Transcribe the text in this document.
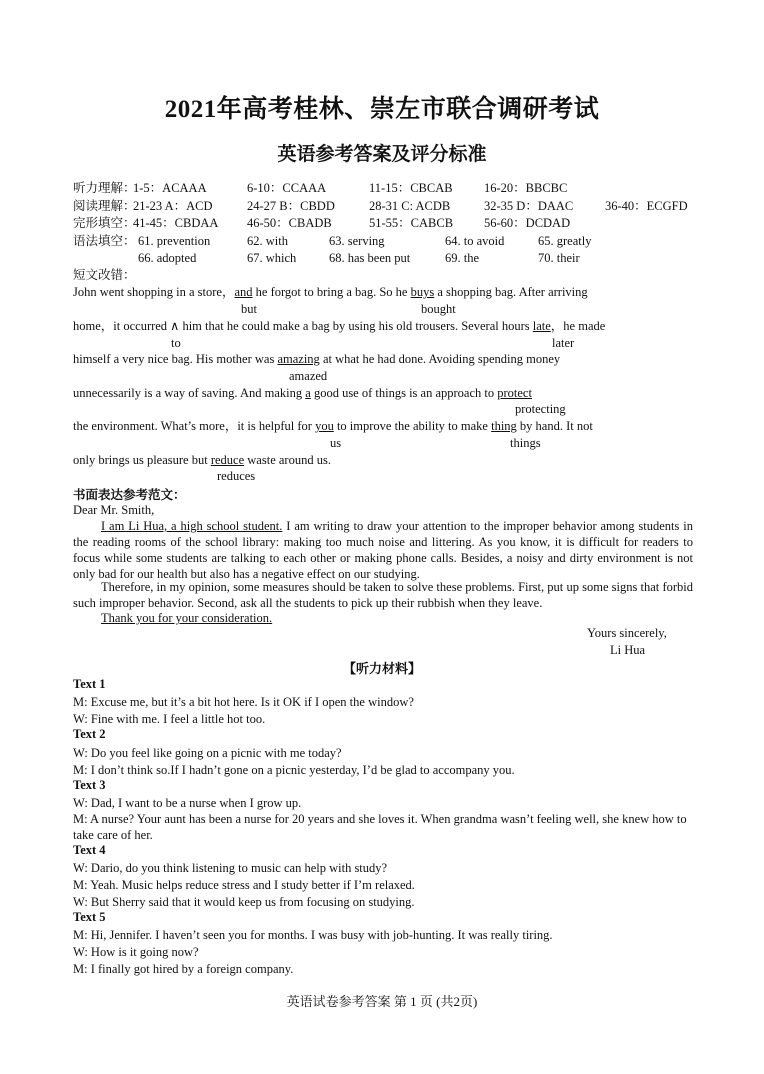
2021年高考桂林、崇左市联合调研考试
英语参考答案及评分标准
听力理解：
1-5：ACAAA	6-10：CCAAA	11-15：CBCAB	16-20：BBCBC
阅读理解：
21-23 A：ACD	24-27 B：CBDD	28-31 C: ACDB	32-35 D：DAAC	36-40：ECGFD
完形填空：
41-45：CBDAA 46-50：CBADB	51-55：CABCB 56-60：DCDAD
语法填空： 61. prevention	62. with	63. serving	64. to avoid	65. greatly
66. adopted	67. which	68. has been put	69. the	70. their
短文改错：
John went shopping in a store，and he forgot to bring a bag. So he buys a shopping bag. After arriving
but	bought
home，it occurred ∧ him that he could make a bag by using his old trousers. Several hours late，he made
to	later
himself a very nice bag. His mother was amazing at what he had done. Avoiding spending money
amazed
unnecessarily is a way of saving. And making a good use of things is an approach to protect
protecting
the environment. What’s more，it is helpful for you to improve the ability to make thing by hand. It not
us	things
only brings us pleasure but reduce waste around us.
reduces
书面表达参考范文：
Dear Mr. Smith,
I am Li Hua, a high school student. I am writing to draw your attention to the improper behavior among students in the reading rooms of the school library: making too much noise and littering. As you know, it is difficult for readers to focus while some students are talking to each other or making phone calls. Besides, a noisy and dirty environment is not only bad for our health but also has a negative effect on our studying.
Therefore, in my opinion, some measures should be taken to solve these problems. First, put up some signs that forbid such improper behavior. Second, ask all the students to pick up their rubbish when they leave.
Thank you for your consideration.
Yours sincerely,
Li Hua
【听力材料】
Text 1
M: Excuse me, but it’s a bit hot here. Is it OK if I open the window?
W: Fine with me. I feel a little hot too.
Text 2
W: Do you feel like going on a picnic with me today?
M: I don’t think so.If I hadn’t gone on a picnic yesterday, I’d be glad to accompany you.
Text 3
W: Dad, I want to be a nurse when I grow up.
M: A nurse? Your aunt has been a nurse for 20 years and she loves it. When grandma wasn’t feeling well, she knew how to take care of her.
Text 4
W: Dario, do you think listening to music can help with study?
M: Yeah. Music helps reduce stress and I study better if I’m relaxed.
W: But Sherry said that it would keep us from focusing on studying.
Text 5
M: Hi, Jennifer. I haven’t seen you for months. I was busy with job-hunting. It was really tiring.
W: How is it going now?
M: I finally got hired by a foreign company.
英语试卷参考答案 第 1 页 (共2页)
